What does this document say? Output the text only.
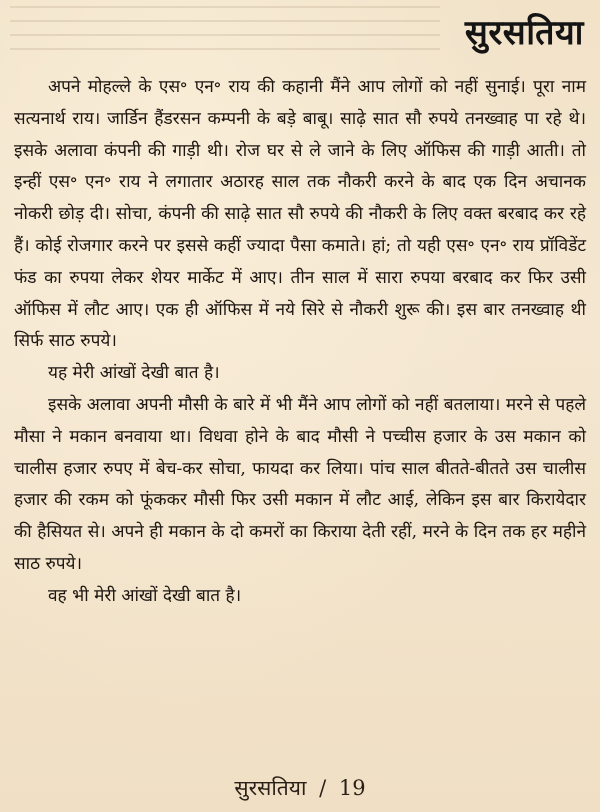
सुरसतिया

अपने मोहल्ले के एस॰ एन॰ राय की कहानी मैंने आप लोगों को नहीं सुनाई। पूरा नाम सत्यनार्थ राय। जार्डिन हैंडरसन कम्पनी के बड़े बाबू। साढ़े सात सौ रुपये तनख्वाह पा रहे थे। इसके अलावा कंपनी की गाड़ी थी। रोज घर से ले जाने के लिए ऑफिस की गाड़ी आती। तो इन्हीं एस॰ एन॰ राय ने लगातार अठारह साल तक नौकरी करने के बाद एक दिन अचानक नोकरी छोड़ दी। सोचा, कंपनी की साढ़े सात सौ रुपये की नौकरी के लिए वक्त बरबाद कर रहे हैं। कोई रोजगार करने पर इससे कहीं ज्यादा पैसा कमाते। हां; तो यही एस॰ एन॰ राय प्रॉविडेंट फंड का रुपया लेकर शेयर मार्केट में आए। तीन साल में सारा रुपया बरबाद कर फिर उसी ऑफिस में लौट आए। एक ही ऑफिस में नये सिरे से नौकरी शुरू की। इस बार तनख्वाह थी सिर्फ साठ रुपये।

यह मेरी आंखों देखी बात है।

इसके अलावा अपनी मौसी के बारे में भी मैंने आप लोगों को नहीं बतलाया। मरने से पहले मौसा ने मकान बनवाया था। विधवा होने के बाद मौसी ने पच्चीस हजार के उस मकान को चालीस हजार रुपए में बेच-कर सोचा, फायदा कर लिया। पांच साल बीतते-बीतते उस चालीस हजार की रकम को फूंककर मौसी फिर उसी मकान में लौट आई, लेकिन इस बार किरायेदार की हैसियत से। अपने ही मकान के दो कमरों का किराया देती रहीं, मरने के दिन तक हर महीने साठ रुपये।

वह भी मेरी आंखों देखी बात है।

सुरसतिया / 19
